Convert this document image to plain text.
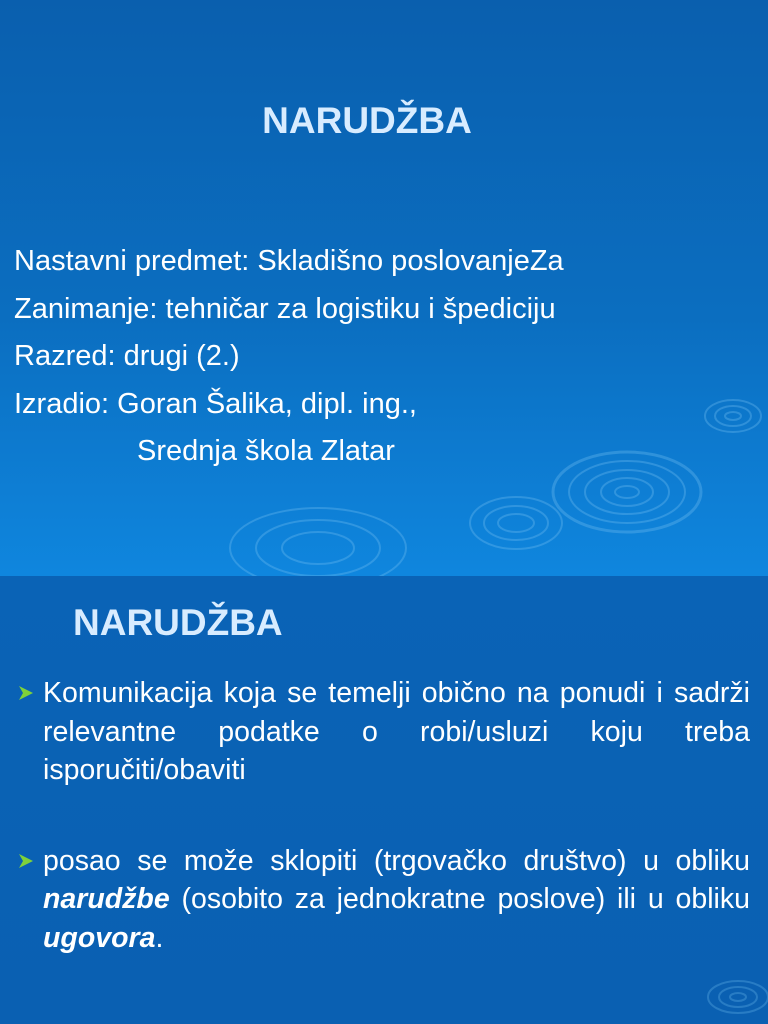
NARUDŽBA
Nastavni predmet: Skladišno poslovanjeZa
Zanimanje: tehničar za logistiku i špediciju
Razred: drugi (2.)
Izradio: Goran Šalika, dipl. ing.,
Srednja škola Zlatar
NARUDŽBA
Komunikacija koja se temelji obično na ponudi i sadrži relevantne podatke o robi/usluzi koju treba isporučiti/obaviti
posao se može sklopiti (trgovačko društvo) u obliku narudžbe (osobito za jednokratne poslove) ili u obliku ugovora.
